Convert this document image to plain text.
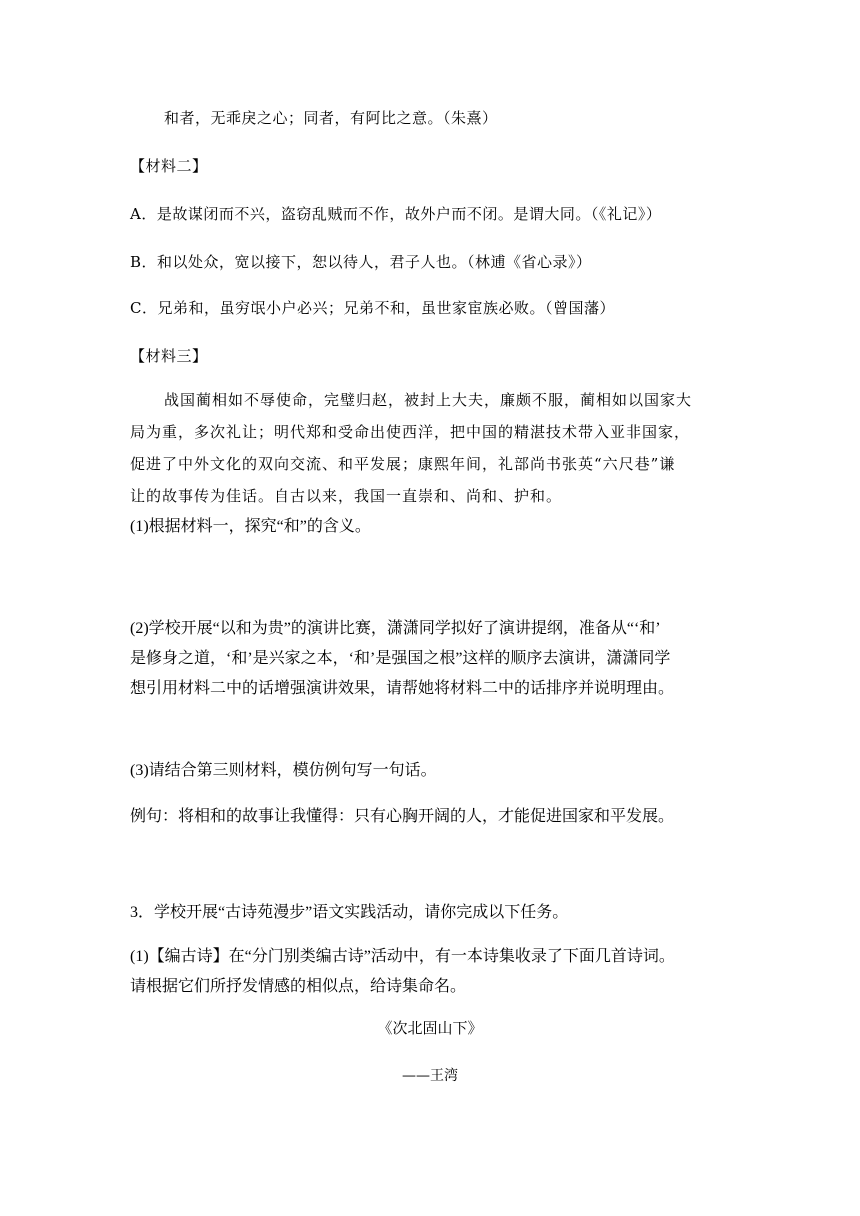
和者，无乖戾之心；同者，有阿比之意。（朱熹）
【材料二】
A．是故谋闭而不兴，盗窃乱贼而不作，故外户而不闭。是谓大同。（《礼记》）
B．和以处众，宽以接下，恕以待人，君子人也。（林逋《省心录》）
C．兄弟和，虽穷氓小户必兴；兄弟不和，虽世家宦族必败。（曾国藩）
【材料三】
战国蔺相如不辱使命，完璧归赵，被封上大夫，廉颇不服，蔺相如以国家大
局为重，多次礼让；明代郑和受命出使西洋，把中国的精湛技术带入亚非国家，
促进了中外文化的双向交流、和平发展；康熙年间，礼部尚书张英“六尺巷”谦
让的故事传为佳话。自古以来，我国一直崇和、尚和、护和。
(1)根据材料一，探究“和”的含义。
(2)学校开展“以和为贵”的演讲比赛，潇潇同学拟好了演讲提纲，准备从“‘和’
是修身之道，‘和’是兴家之本，‘和’是强国之根”这样的顺序去演讲，潇潇同学
想引用材料二中的话增强演讲效果，请帮她将材料二中的话排序并说明理由。
(3)请结合第三则材料，模仿例句写一句话。
例句：将相和的故事让我懂得：只有心胸开阔的人，才能促进国家和平发展。
3．学校开展“古诗苑漫步”语文实践活动，请你完成以下任务。
(1)【编古诗】在“分门别类编古诗”活动中，有一本诗集收录了下面几首诗词。
请根据它们所抒发情感的相似点，给诗集命名。
《次北固山下》
——王湾
